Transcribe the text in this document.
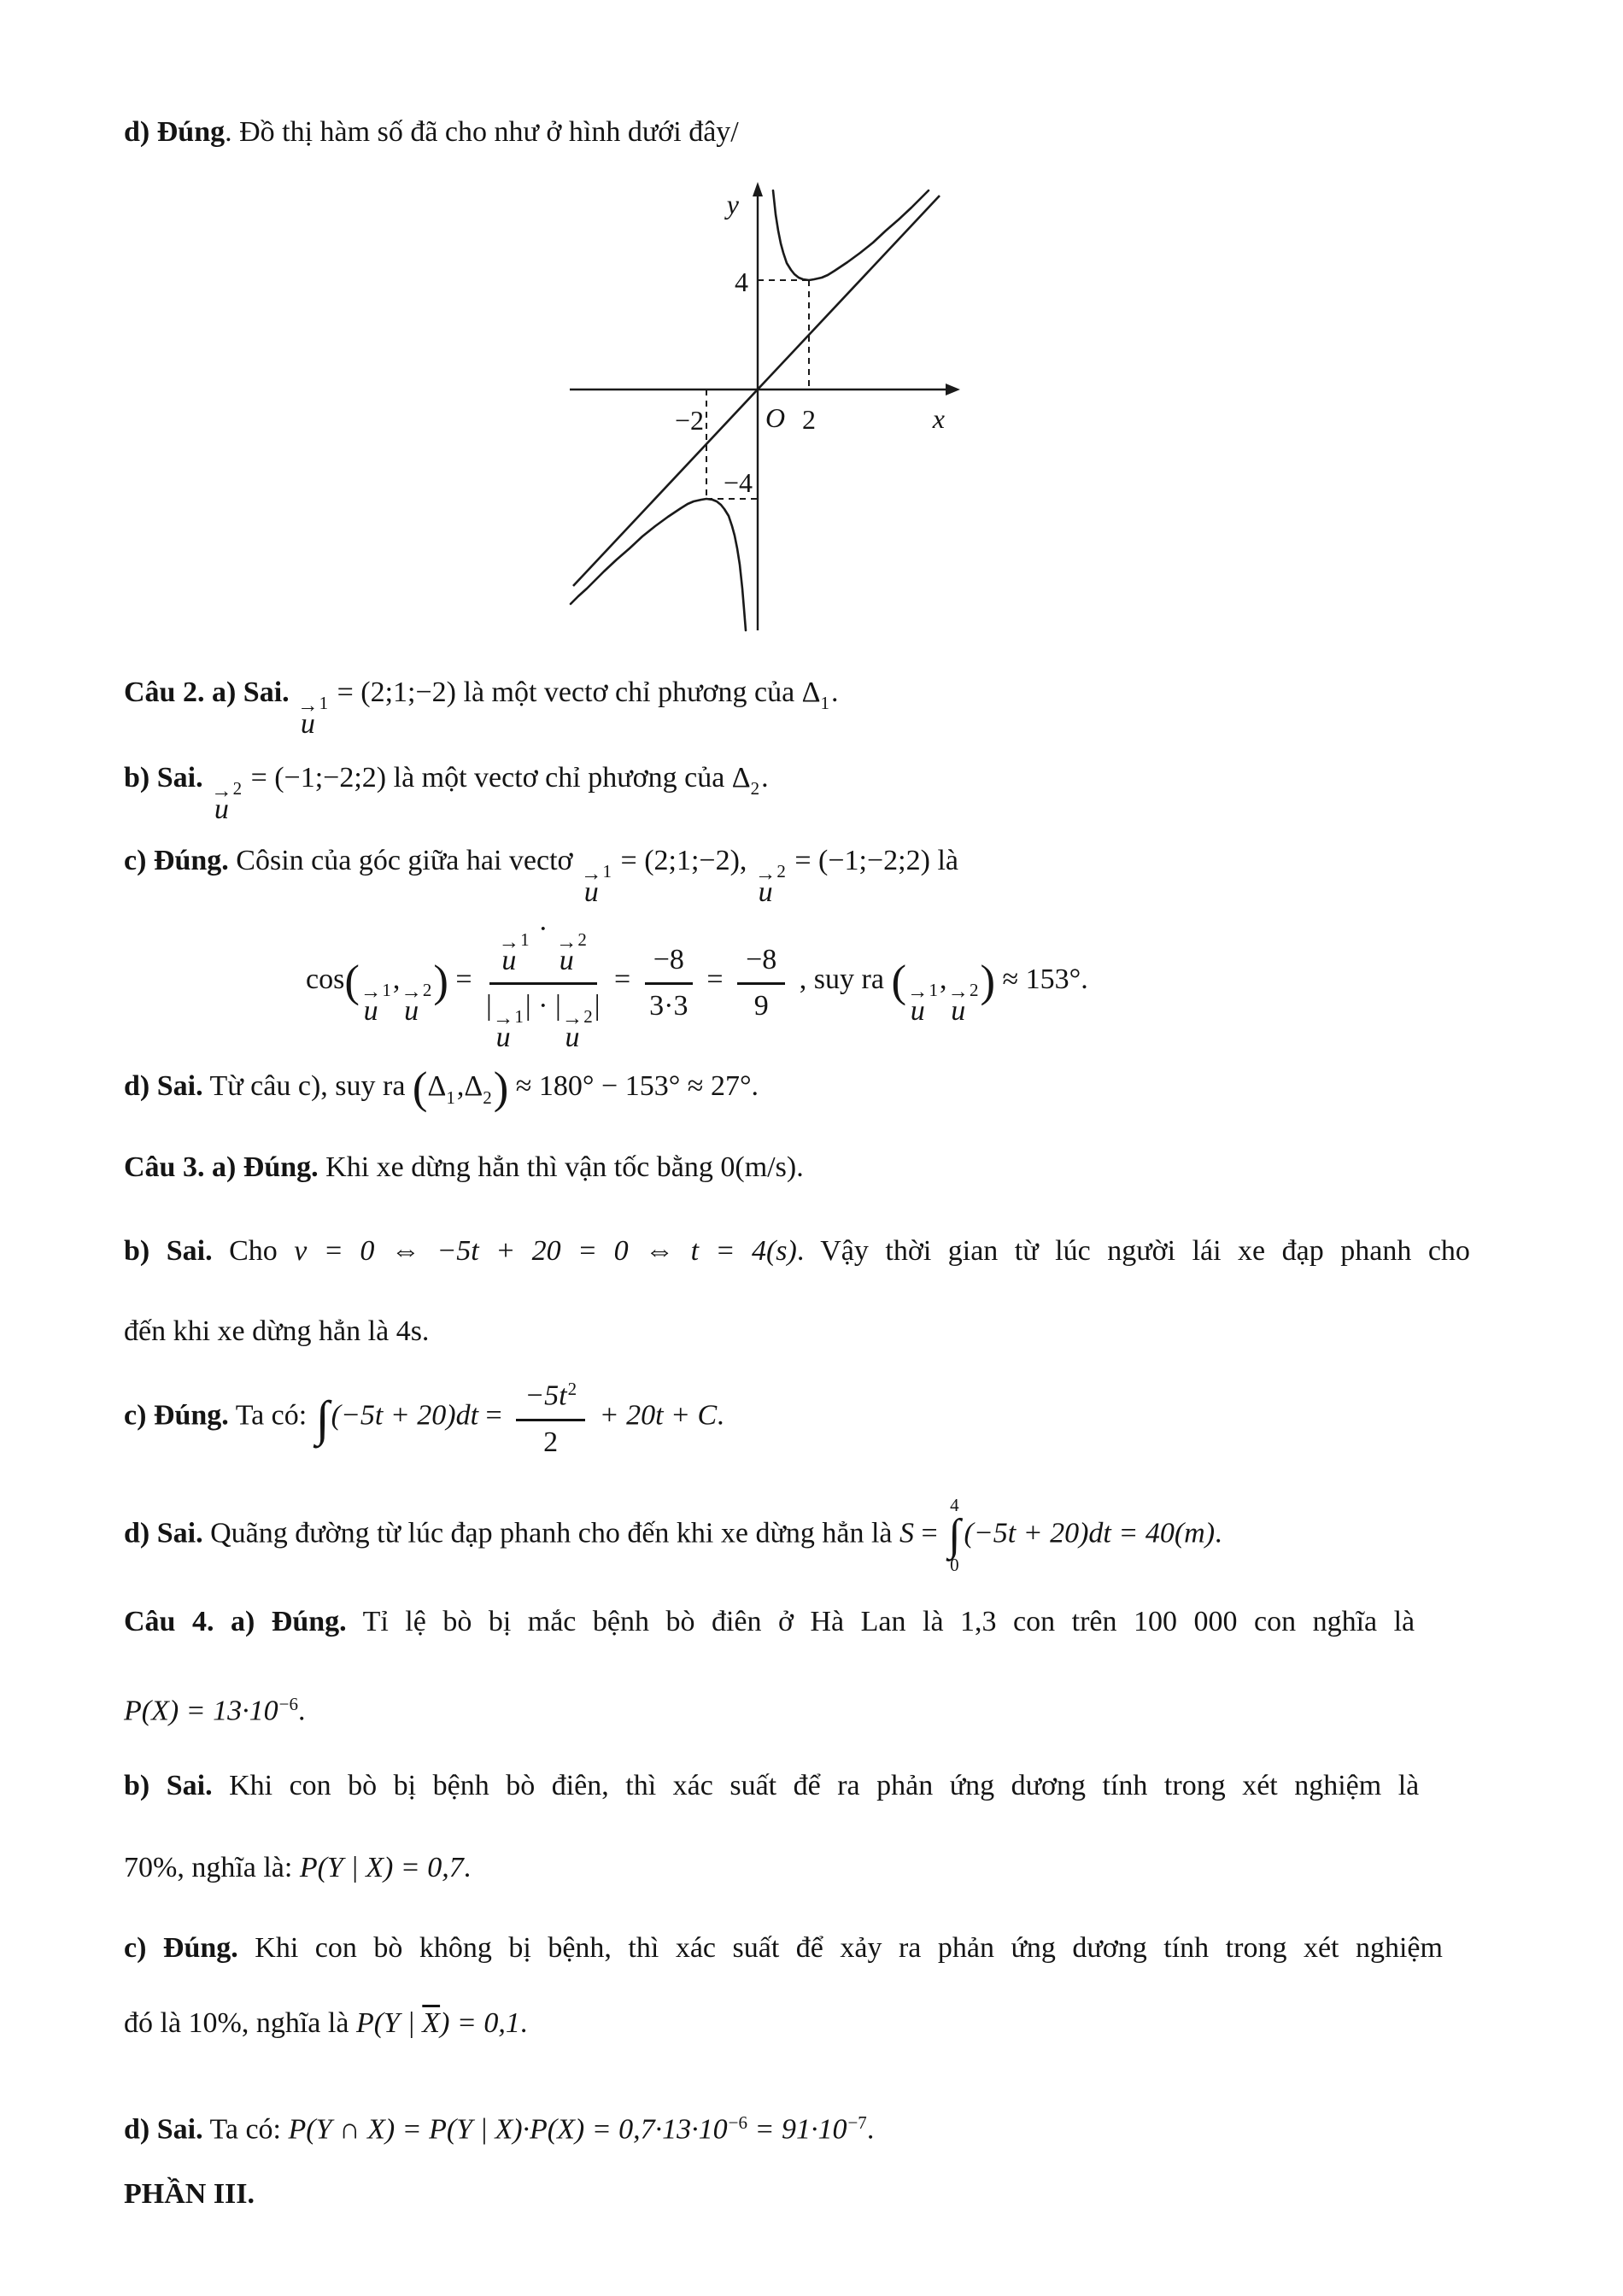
d) Đúng. Đồ thị hàm số đã cho như ở hình dưới đây/
y
x
O
4
2
−2
−4
Câu 2. a) Sai. →
u
$_1$ = (2;1;−2) là một vectơ chỉ phương của $\Delta_1$.
b) Sai. →
u
$_2$ = (−1;−2;2) là một vectơ chỉ phương của $\Delta_2$.
c) Đúng. Côsin của góc giữa hai vectơ →
u
$_1$ = (2;1;−2), →
u
$_2$ = (−1;−2;2) là
cos( →
u
$_1$, →
u
$_2$) = →
u
$_1$ · →
u
$_2$
| →
u
$_1$| · | →
u
$_2| = \frac{-8}{3\cdot 3} = \frac{-8}{9}$ , suy ra ( →
u
$_1$, →
u
$_2$) ≈ 153°.
d) Sai. Từ câu c), suy ra $(\Delta_1,\Delta_2) \approx 180^\circ - 153^\circ \approx 27^\circ$.
Câu 3. a) Đúng. Khi xe dừng hẳn thì vận tốc bằng 0(m/s).
b) Sai. Cho v = 0 ⇔ −5t + 20 = 0 ⇔ t = 4(s). Vậy thời gian từ lúc người lái xe đạp phanh cho
đến khi xe dừng hẳn là 4s.
c) Đúng. Ta có: $\int(-5t + 20)dt = \frac{-5t^2}{2} + 20t + C$.
d) Sai. Quãng đường từ lúc đạp phanh cho đến khi xe dừng hẳn là S =
4
∫
0
(−5t + 20)dt = 40(m).
Câu 4. a) Đúng. Tỉ lệ bò bị mắc bệnh bò điên ở Hà Lan là 1,3 con trên 100 000 con nghĩa là
$P(X) = 13\cdot 10^{-6}$.
b) Sai. Khi con bò bị bệnh bò điên, thì xác suất để ra phản ứng dương tính trong xét nghiệm là
70%, nghĩa là: P(Y | X) = 0,7.
c) Đúng. Khi con bò không bị bệnh, thì xác suất để xảy ra phản ứng dương tính trong xét nghiệm
đó là 10%, nghĩa là P(Y | $\overline{X}) = 0,1$.
d) Sai. Ta có: P(Y ∩ X) = P(Y | $X)\cdot P(X) = 0,7\cdot 13\cdot 10^{-6} = 91\cdot 10^{-7}$.
PHẦN III.
